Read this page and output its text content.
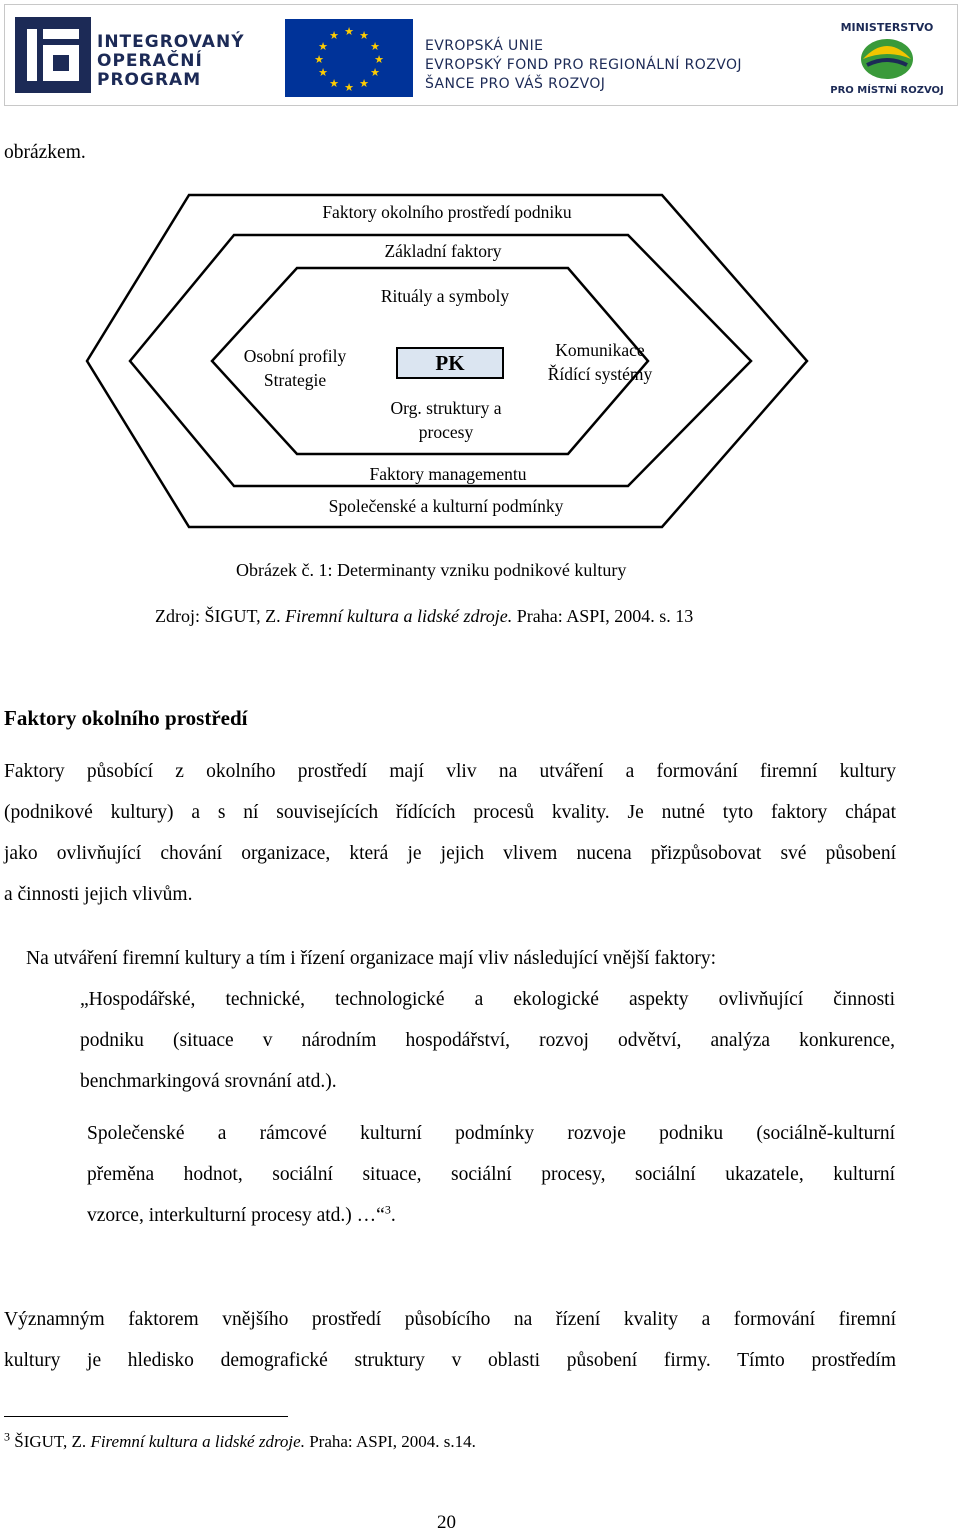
INTEGROVANÝ
OPERAČNÍ
PROGRAM
★ ★
★
★
★
★
★
★
★
★
★
★
EVROPSKÁ UNIE
EVROPSKÝ FOND PRO REGIONÁLNÍ ROZVOJ
ŠANCE PRO VÁŠ ROZVOJ
MINISTERSTVO
PRO MÍSTNÍ ROZVOJ
obrázkem.
Faktory okolního prostředí podniku
Základní faktory
Rituály a symboly
Osobní profily
Strategie
Komunikace
Řídící systémy
Org. struktury a
procesy
Faktory managementu
Společenské a kulturní podmínky
PK
Obrázek č. 1: Determinanty vzniku podnikové kultury
Zdroj: ŠIGUT, Z. Firemní kultura a lidské zdroje. Praha: ASPI, 2004. s. 13
Faktory okolního prostředí
Faktory působící z okolního prostředí mají vliv na utváření a formování firemní kultury
(podnikové kultury) a s ní souvisejících řídících procesů kvality. Je nutné tyto faktory chápat
jako ovlivňující chování organizace, která je jejich vlivem nucena přizpůsobovat své působení
a činnosti jejich vlivům.
Na utváření firemní kultury a tím i řízení organizace mají vliv následující vnější faktory:
„Hospodářské, technické, technologické a ekologické aspekty ovlivňující činnosti
podniku (situace v národním hospodářství, rozvoj odvětví, analýza konkurence,
benchmarkingová srovnání atd.).
Společenské a rámcové kulturní podmínky rozvoje podniku (sociálně-kulturní
přeměna hodnot, sociální situace, sociální procesy, sociální ukazatele, kulturní
vzorce, interkulturní procesy atd.) …“$^3$.
Významným faktorem vnějšího prostředí působícího na řízení kvality a formování firemní
kultury je hledisko demografické struktury v oblasti působení firmy. Tímto prostředím
$^3$ ŠIGUT, Z. Firemní kultura a lidské zdroje. Praha: ASPI, 2004. s.14.
20
